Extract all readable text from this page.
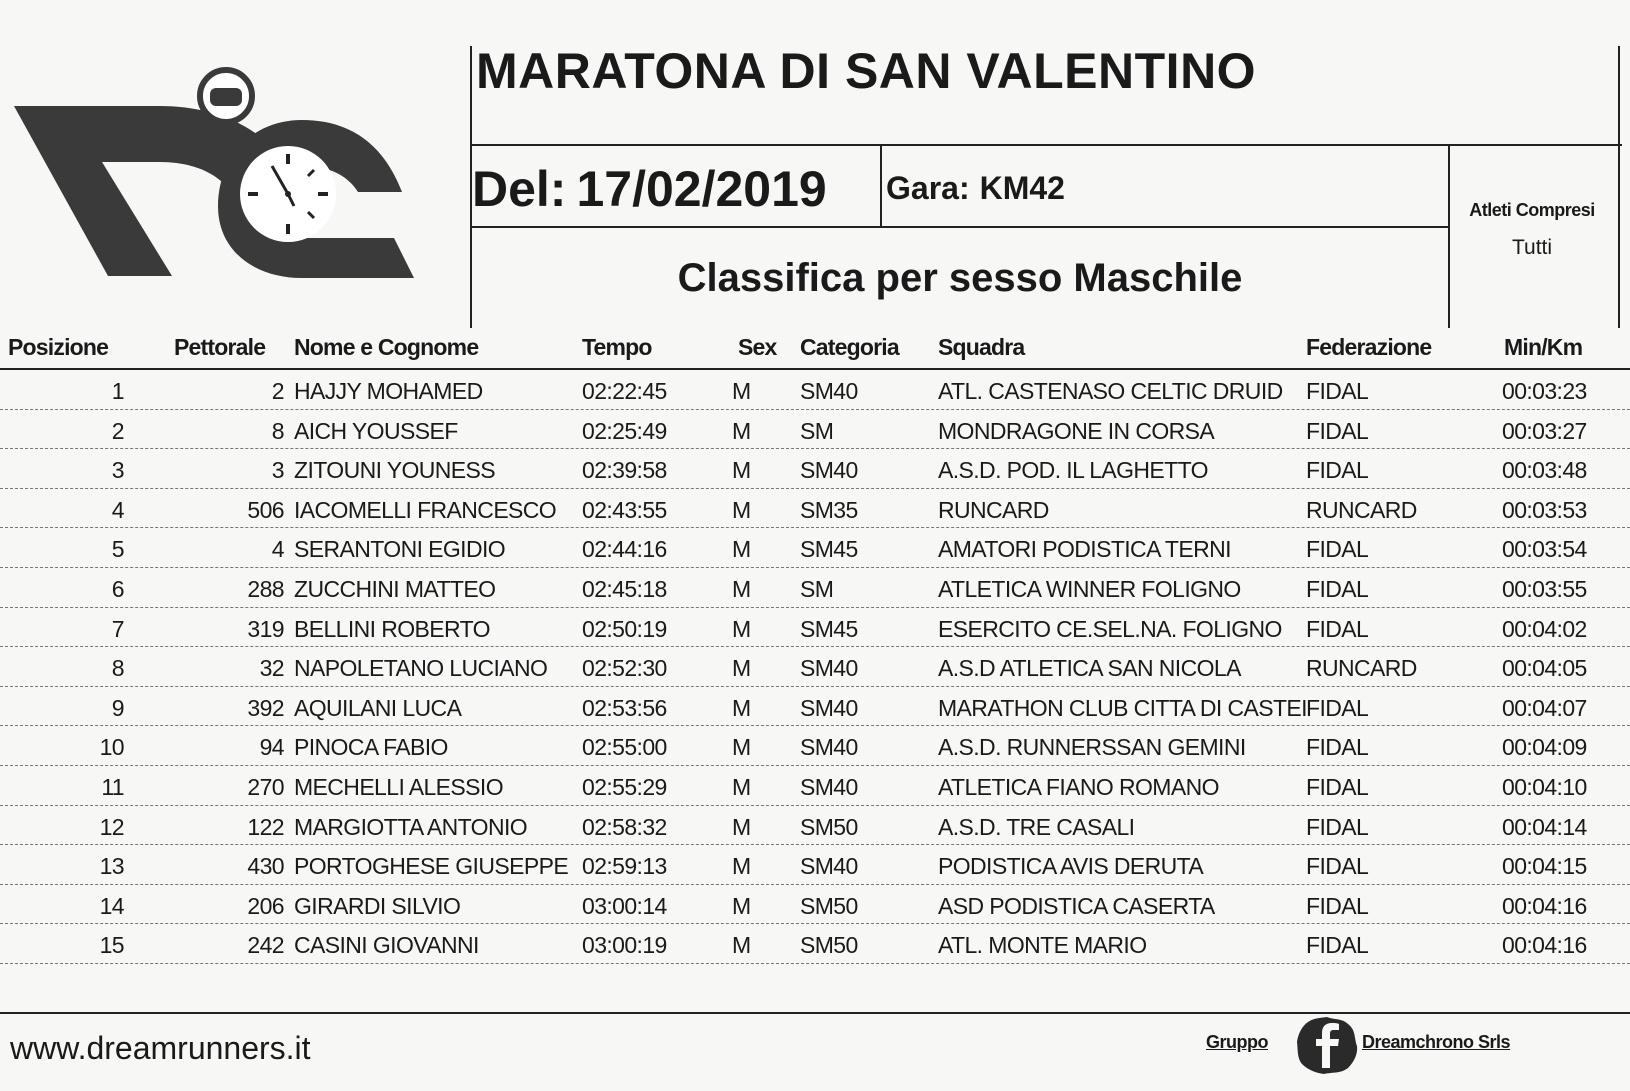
MARATONA DI SAN VALENTINO
Del: 17/02/2019 Gara: KM42
Atleti Compresi
Tutti
Classifica per sesso Maschile
Posizione	Pettorale Nome e Cognome	Tempo	Sex Categoria Squadra	Federazione	Min/Km
1	2 HAJJY MOHAMED	02:22:45	M SM40	ATL. CASTENASO CELTIC DRUID FIDAL	00:03:23
2	8 AICH YOUSSEF	02:25:49	M SM	MONDRAGONE IN CORSA	FIDAL	00:03:27
3	3 ZITOUNI YOUNESS	02:39:58	M SM40	A.S.D. POD. IL LAGHETTO	FIDAL	00:03:48
4	506 IACOMELLI FRANCESCO 02:43:55	M SM35	RUNCARD	RUNCARD	00:03:53
5	4 SERANTONI EGIDIO	02:44:16	M SM45	AMATORI PODISTICA TERNI	FIDAL	00:03:54
6	288 ZUCCHINI MATTEO	02:45:18	M SM	ATLETICA WINNER FOLIGNO	FIDAL	00:03:55
7	319 BELLINI ROBERTO	02:50:19	M SM45	ESERCITO CE.SEL.NA. FOLIGNO FIDAL	00:04:02
8	32 NAPOLETANO LUCIANO 02:52:30	M SM40	A.S.D ATLETICA SAN NICOLA	RUNCARD	00:04:05
9	392 AQUILANI LUCA	02:53:56	M SM40	MARATHON CLUB CITTA DI CASTEI FIDAL	00:04:07
10	94 PINOCA FABIO	02:55:00	M SM40	A.S.D. RUNNERSSAN GEMINI	FIDAL	00:04:09
11	270 MECHELLI ALESSIO	02:55:29	M SM40	ATLETICA FIANO ROMANO	FIDAL	00:04:10
12	122 MARGIOTTA ANTONIO 02:58:32	M SM50	A.S.D. TRE CASALI	FIDAL	00:04:14
13	430 PORTOGHESE GIUSEPPE 02:59:13	M SM40	PODISTICA AVIS DERUTA	FIDAL	00:04:15
14	206 GIRARDI SILVIO	03:00:14	M SM50	ASD PODISTICA CASERTA	FIDAL	00:04:16
15	242 CASINI GIOVANNI	03:00:19	M SM50	ATL. MONTE MARIO	FIDAL	00:04:16
www.dreamrunners.it	Gruppo	Dreamchrono Srls
